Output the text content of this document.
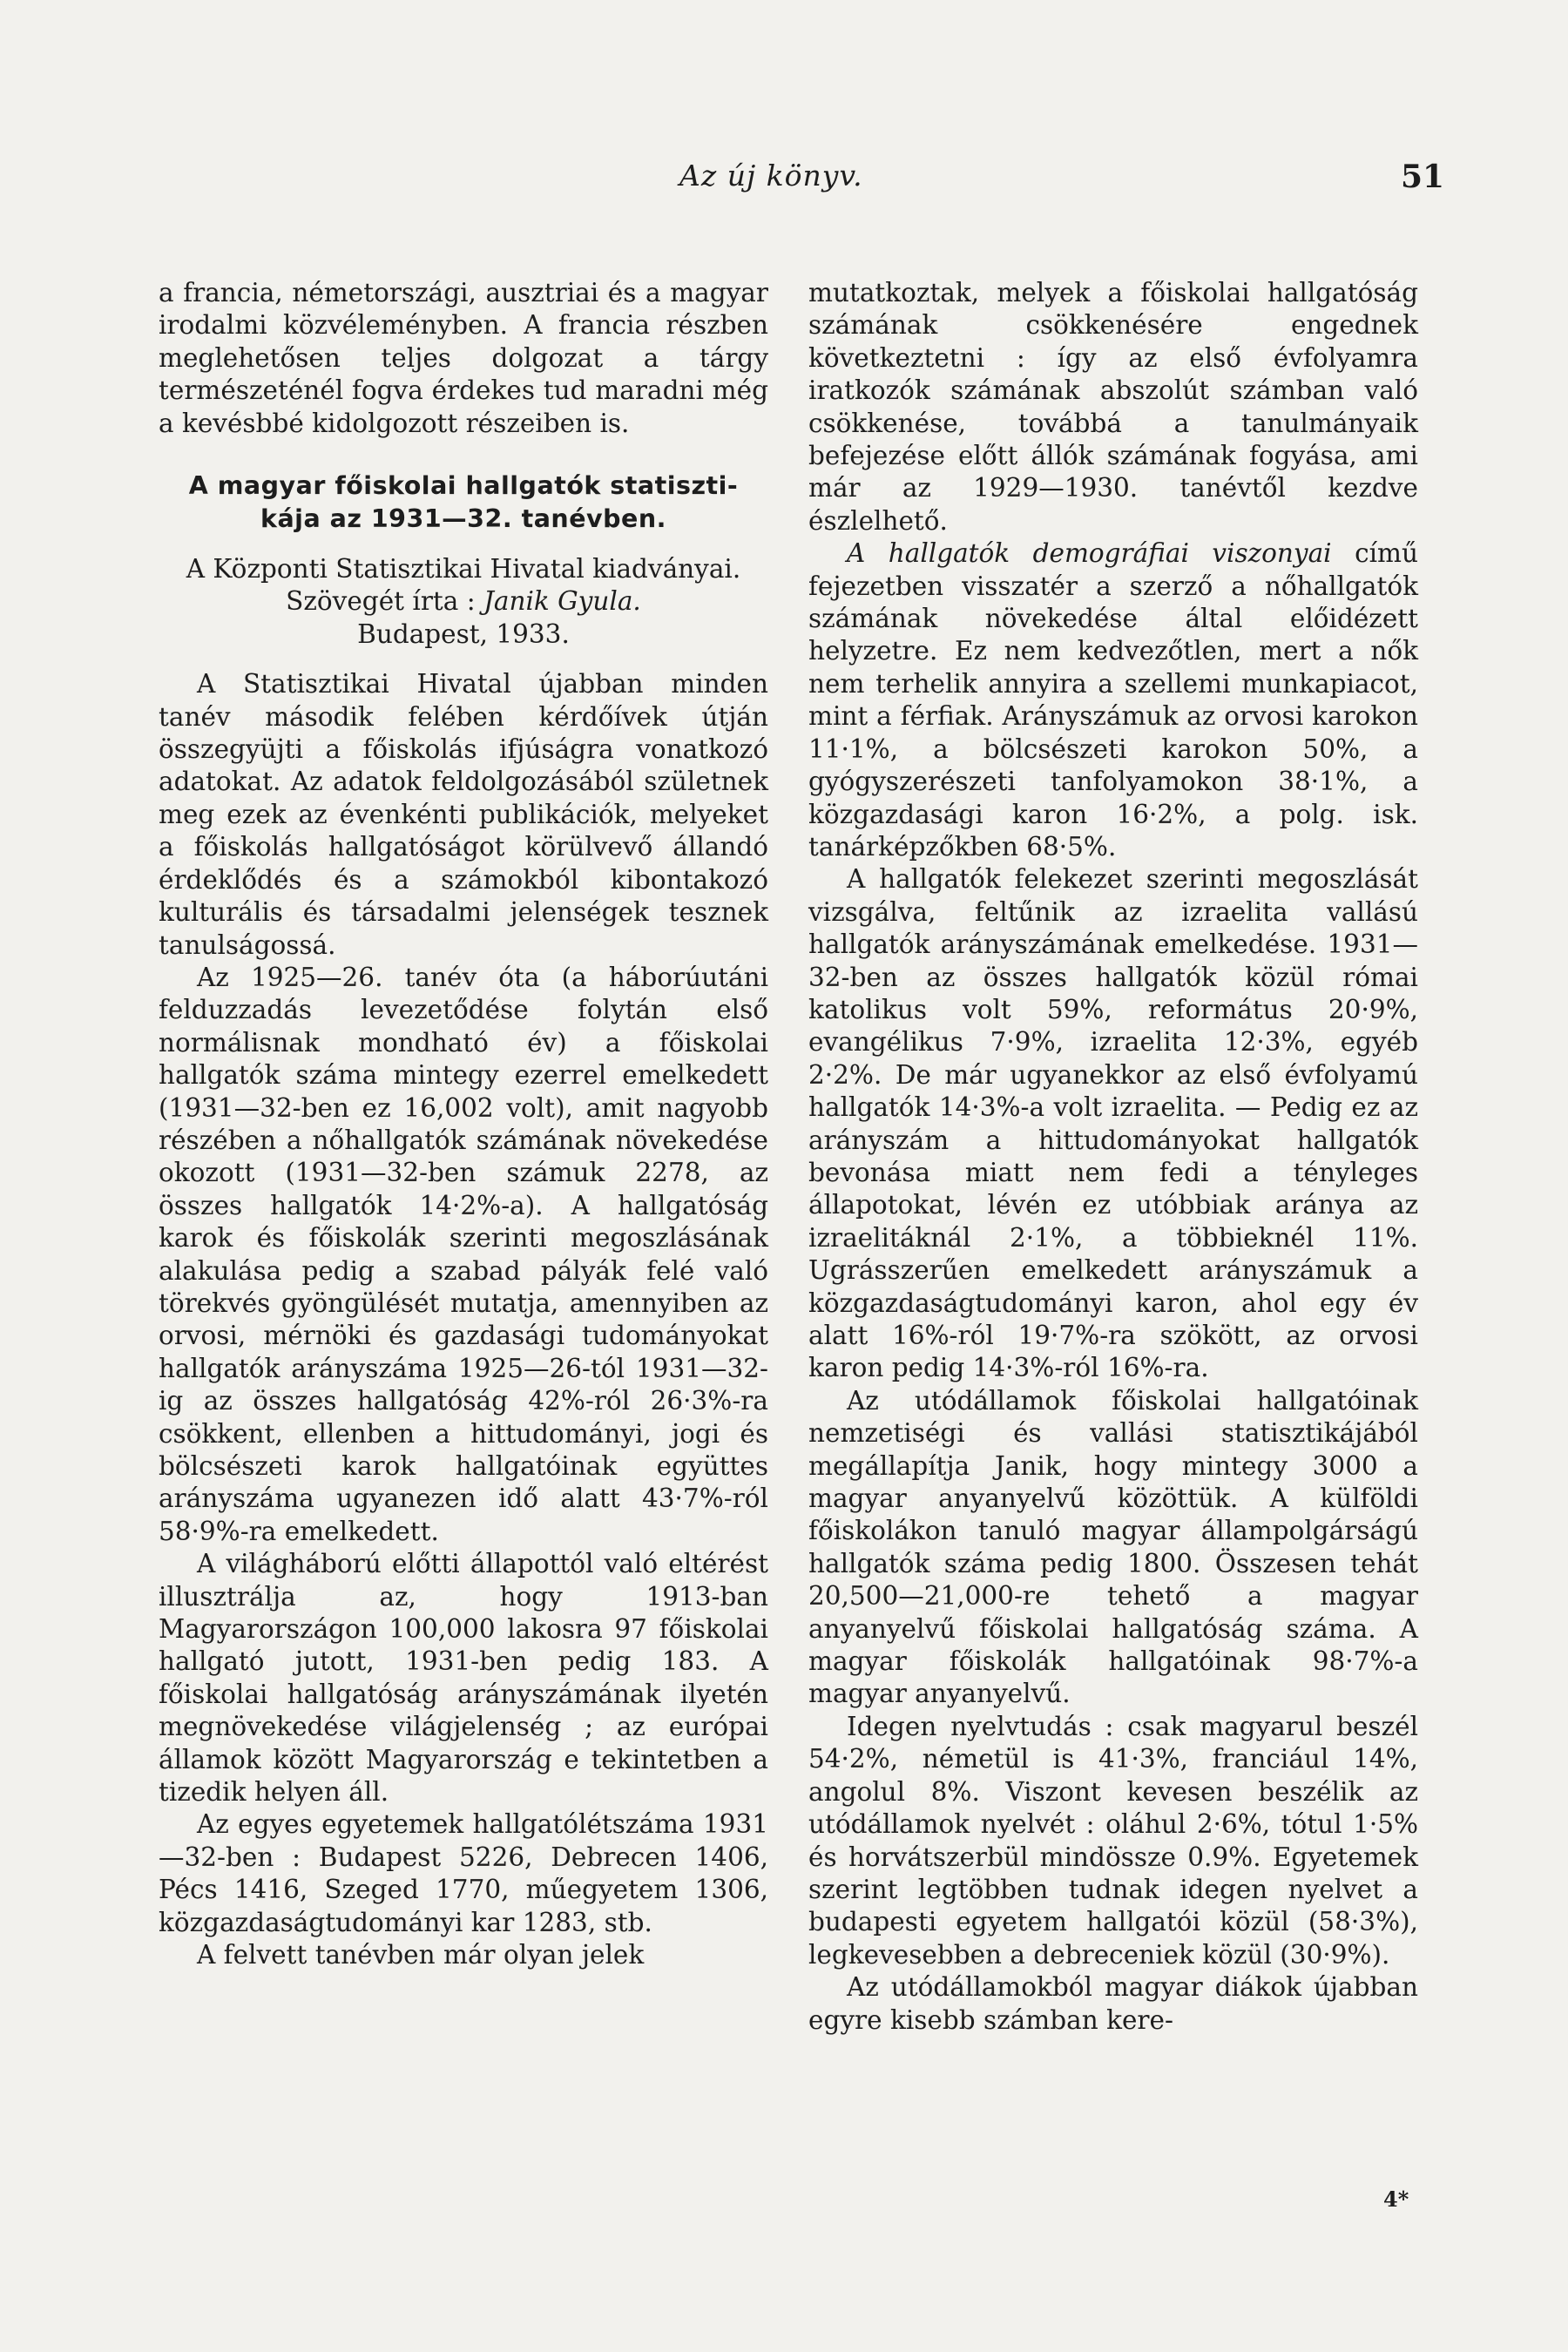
Az új könyv.	51

a francia, németországi, ausztriai és a magyar irodalmi közvéleményben. A francia részben meglehetősen teljes dolgozat a tárgy természeténél fogva érdekes tud maradni még a kevésbbé kidolgozott részeiben is.

A magyar főiskolai hallgatók statiszti-
kája az 1931—32. tanévben.

A Központi Statisztikai Hivatal kiadványai. Szövegét írta : Janik Gyula.
Budapest, 1933.

A Statisztikai Hivatal újabban minden tanév második felében kérdőívek útján összegyüjti a főiskolás ifjúságra vonatkozó adatokat. Az adatok feldolgozásából születnek meg ezek az évenkénti publikációk, melyeket a főiskolás hallgatóságot körülvevő állandó érdeklődés és a számokból kibontakozó kulturális és társadalmi jelenségek tesznek tanulságossá.

Az 1925—26. tanév óta (a háborúutáni felduzzadás levezetődése folytán első normálisnak mondható év) a főiskolai hallgatók száma mintegy ezerrel emelkedett (1931—32-ben ez 16,002 volt), amit nagyobb részében a nőhallgatók számának növekedése okozott (1931—32-ben számuk 2278, az összes hallgatók 14·2%-a). A hallgatóság karok és főiskolák szerinti megoszlásának alakulása pedig a szabad pályák felé való törekvés gyöngülését mutatja, amennyiben az orvosi, mérnöki és gazdasági tudományokat hallgatók arányszáma 1925—26-tól 1931—32-ig az összes hallgatóság 42%-ról 26·3%-ra csökkent, ellenben a hittudományi, jogi és bölcsészeti karok hallgatóinak együttes arányszáma ugyanezen idő alatt 43·7%-ról 58·9%-ra emelkedett.

A világháború előtti állapottól való eltérést illusztrálja az, hogy 1913-ban Magyarországon 100,000 lakosra 97 főiskolai hallgató jutott, 1931-ben pedig 183. A főiskolai hallgatóság arányszámának ilyetén megnövekedése világjelenség ; az európai államok között Magyarország e tekintetben a tizedik helyen áll.

Az egyes egyetemek hallgatólétszáma 1931—32-ben : Budapest 5226, Debrecen 1406, Pécs 1416, Szeged 1770, műegyetem 1306, közgazdaságtudományi kar 1283, stb.

A felvett tanévben már olyan jelek

mutatkoztak, melyek a főiskolai hallgatóság számának csökkenésére engednek következtetni : így az első évfolyamra iratkozók számának abszolút számban való csökkenése, továbbá a tanulmányaik befejezése előtt állók számának fogyása, ami már az 1929—1930. tanévtől kezdve észlelhető.

A hallgatók demográfiai viszonyai című fejezetben visszatér a szerző a nőhallgatók számának növekedése által előidézett helyzetre. Ez nem kedvezőtlen, mert a nők nem terhelik annyira a szellemi munkapiacot, mint a férfiak. Arányszámuk az orvosi karokon 11·1%, a bölcsészeti karokon 50%, a gyógyszerészeti tanfolyamokon 38·1%, a közgazdasági karon 16·2%, a polg. isk. tanárképzőkben 68·5%.

A hallgatók felekezet szerinti megoszlását vizsgálva, feltűnik az izraelita vallású hallgatók arányszámának emelkedése. 1931—32-ben az összes hallgatók közül római katolikus volt 59%, református 20·9%, evangélikus 7·9%, izraelita 12·3%, egyéb 2·2%. De már ugyanekkor az első évfolyamú hallgatók 14·3%-a volt izraelita. — Pedig ez az arányszám a hittudományokat hallgatók bevonása miatt nem fedi a tényleges állapotokat, lévén ez utóbbiak aránya az izraelitáknál 2·1%, a többieknél 11%. Ugrásszerűen emelkedett arányszámuk a közgazdaságtudományi karon, ahol egy év alatt 16%-ról 19·7%-ra szökött, az orvosi karon pedig 14·3%-ról 16%-ra.

Az utódállamok főiskolai hallgatóinak nemzetiségi és vallási statisztikájából megállapítja Janik, hogy mintegy 3000 a magyar anyanyelvű közöttük. A külföldi főiskolákon tanuló magyar állampolgárságú hallgatók száma pedig 1800. Összesen tehát 20,500—21,000-re tehető a magyar anyanyelvű főiskolai hallgatóság száma. A magyar főiskolák hallgatóinak 98·7%-a magyar anyanyelvű.

Idegen nyelvtudás : csak magyarul beszél 54·2%, németül is 41·3%, franciául 14%, angolul 8%. Viszont kevesen beszélik az utódállamok nyelvét : oláhul 2·6%, tótul 1·5% és horvátszerbül mindössze 0.9%. Egyetemek szerint legtöbben tudnak idegen nyelvet a budapesti egyetem hallgatói közül (58·3%), legkevesebben a debreceniek közül (30·9%).

Az utódállamokból magyar diákok újabban egyre kisebb számban kere-

4*
